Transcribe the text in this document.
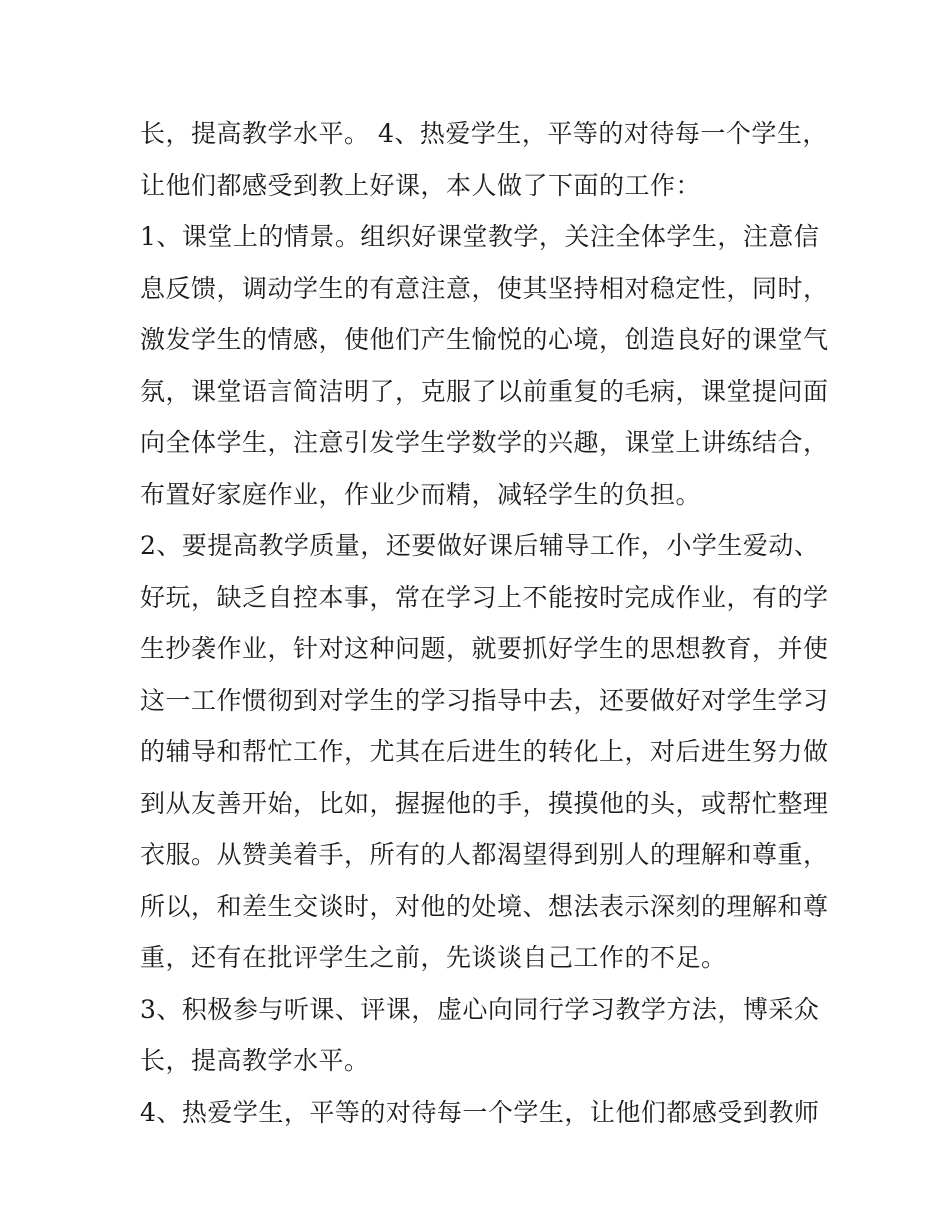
长，提高教学水平。 4、热爱学生，平等的对待每一个学生，
让他们都感受到教上好课，本人做了下面的工作：
1、课堂上的情景。组织好课堂教学，关注全体学生，注意信
息反馈，调动学生的有意注意，使其坚持相对稳定性，同时，
激发学生的情感，使他们产生愉悦的心境，创造良好的课堂气
氛，课堂语言简洁明了，克服了以前重复的毛病，课堂提问面
向全体学生，注意引发学生学数学的兴趣，课堂上讲练结合，
布置好家庭作业，作业少而精，减轻学生的负担。
2、要提高教学质量，还要做好课后辅导工作，小学生爱动、
好玩，缺乏自控本事，常在学习上不能按时完成作业，有的学
生抄袭作业，针对这种问题，就要抓好学生的思想教育，并使
这一工作惯彻到对学生的学习指导中去，还要做好对学生学习
的辅导和帮忙工作，尤其在后进生的转化上，对后进生努力做
到从友善开始，比如，握握他的手，摸摸他的头，或帮忙整理
衣服。从赞美着手，所有的人都渴望得到别人的理解和尊重，
所以，和差生交谈时，对他的处境、想法表示深刻的理解和尊
重，还有在批评学生之前，先谈谈自己工作的不足。
3、积极参与听课、评课，虚心向同行学习教学方法，博采众
长，提高教学水平。
4、热爱学生，平等的对待每一个学生，让他们都感受到教师
